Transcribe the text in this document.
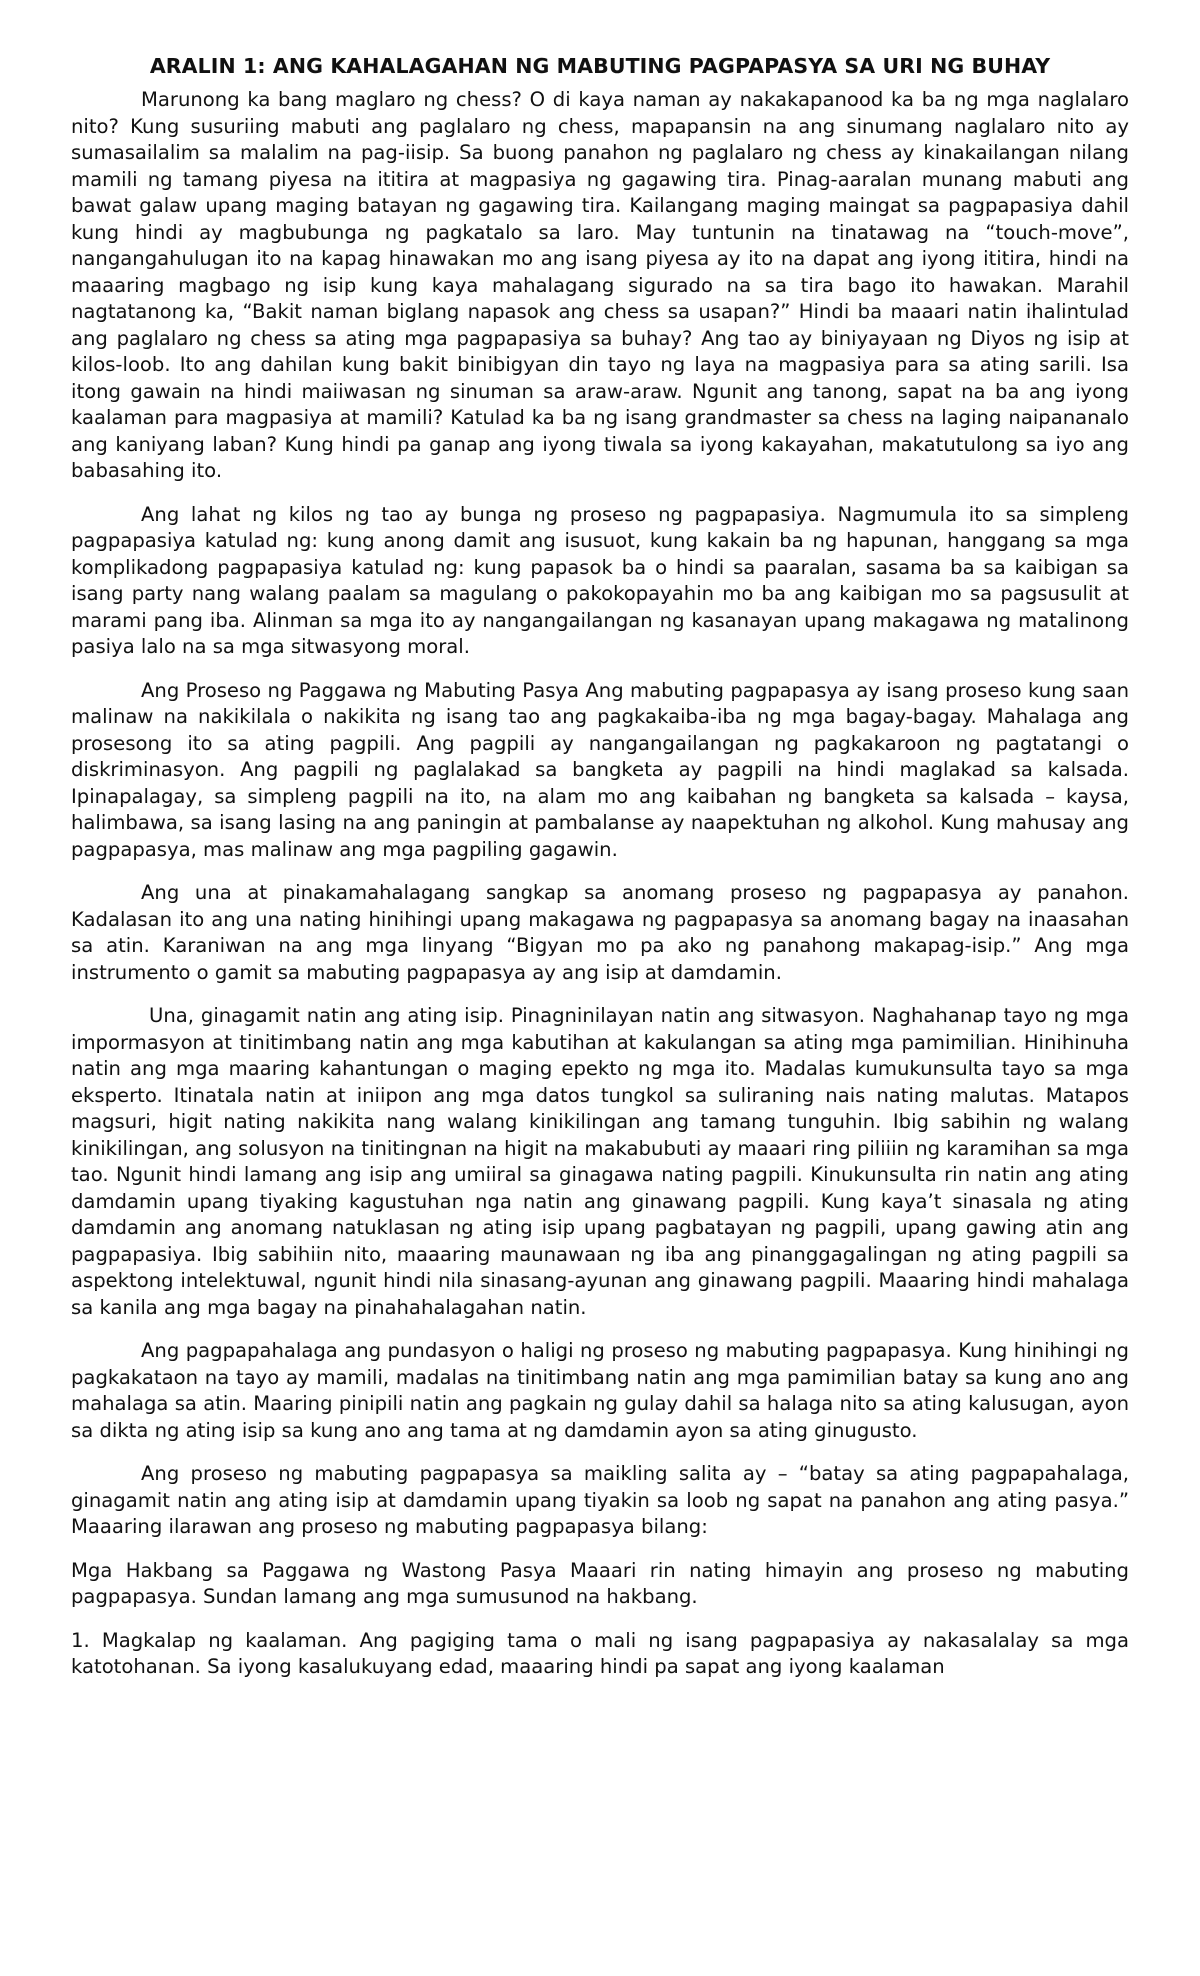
ARALIN 1: ANG KAHALAGAHAN NG MABUTING PAGPAPASYA SA URI NG BUHAY

Marunong ka bang maglaro ng chess? O di kaya naman ay nakakapanood ka ba ng mga naglalaro nito? Kung susuriing mabuti ang paglalaro ng chess, mapapansin na ang sinumang naglalaro nito ay sumasailalim sa malalim na pag-iisip. Sa buong panahon ng paglalaro ng chess ay kinakailangan nilang mamili ng tamang piyesa na ititira at magpasiya ng gagawing tira. Pinag-aaralan munang mabuti ang bawat galaw upang maging batayan ng gagawing tira. Kailangang maging maingat sa pagpapasiya dahil kung hindi ay magbubunga ng pagkatalo sa laro. May tuntunin na tinatawag na “touch-move”, nangangahulugan ito na kapag hinawakan mo ang isang piyesa ay ito na dapat ang iyong ititira, hindi na maaaring magbago ng isip kung kaya mahalagang sigurado na sa tira bago ito hawakan. Marahil nagtatanong ka, “Bakit naman biglang napasok ang chess sa usapan?” Hindi ba maaari natin ihalintulad ang paglalaro ng chess sa ating mga pagpapasiya sa buhay? Ang tao ay biniyayaan ng Diyos ng isip at kilos-loob. Ito ang dahilan kung bakit binibigyan din tayo ng laya na magpasiya para sa ating sarili. Isa itong gawain na hindi maiiwasan ng sinuman sa araw-araw. Ngunit ang tanong, sapat na ba ang iyong kaalaman para magpasiya at mamili? Katulad ka ba ng isang grandmaster sa chess na laging naipananalo ang kaniyang laban? Kung hindi pa ganap ang iyong tiwala sa iyong kakayahan, makatutulong sa iyo ang babasahing ito.

Ang lahat ng kilos ng tao ay bunga ng proseso ng pagpapasiya. Nagmumula ito sa simpleng pagpapasiya katulad ng: kung anong damit ang isusuot, kung kakain ba ng hapunan, hanggang sa mga komplikadong pagpapasiya katulad ng: kung papasok ba o hindi sa paaralan, sasama ba sa kaibigan sa isang party nang walang paalam sa magulang o pakokopayahin mo ba ang kaibigan mo sa pagsusulit at marami pang iba. Alinman sa mga ito ay nangangailangan ng kasanayan upang makagawa ng matalinong pasiya lalo na sa mga sitwasyong moral.

Ang Proseso ng Paggawa ng Mabuting Pasya Ang mabuting pagpapasya ay isang proseso kung saan malinaw na nakikilala o nakikita ng isang tao ang pagkakaiba-iba ng mga bagay-bagay. Mahalaga ang prosesong ito sa ating pagpili. Ang pagpili ay nangangailangan ng pagkakaroon ng pagtatangi o diskriminasyon. Ang pagpili ng paglalakad sa bangketa ay pagpili na hindi maglakad sa kalsada. Ipinapalagay, sa simpleng pagpili na ito, na alam mo ang kaibahan ng bangketa sa kalsada – kaysa, halimbawa, sa isang lasing na ang paningin at pambalanse ay naapektuhan ng alkohol. Kung mahusay ang pagpapasya, mas malinaw ang mga pagpiling gagawin.

Ang una at pinakamahalagang sangkap sa anomang proseso ng pagpapasya ay panahon. Kadalasan ito ang una nating hinihingi upang makagawa ng pagpapasya sa anomang bagay na inaasahan sa atin. Karaniwan na ang mga linyang “Bigyan mo pa ako ng panahong makapag-isip.” Ang mga instrumento o gamit sa mabuting pagpapasya ay ang isip at damdamin.

Una, ginagamit natin ang ating isip. Pinagninilayan natin ang sitwasyon. Naghahanap tayo ng mga impormasyon at tinitimbang natin ang mga kabutihan at kakulangan sa ating mga pamimilian. Hinihinuha natin ang mga maaring kahantungan o maging epekto ng mga ito. Madalas kumukunsulta tayo sa mga eksperto. Itinatala natin at iniipon ang mga datos tungkol sa suliraning nais nating malutas. Matapos magsuri, higit nating nakikita nang walang kinikilingan ang tamang tunguhin. Ibig sabihin ng walang kinikilingan, ang solusyon na tinitingnan na higit na makabubuti ay maaari ring piliiin ng karamihan sa mga tao. Ngunit hindi lamang ang isip ang umiiral sa ginagawa nating pagpili. Kinukunsulta rin natin ang ating damdamin upang tiyaking kagustuhan nga natin ang ginawang pagpili. Kung kaya’t sinasala ng ating damdamin ang anomang natuklasan ng ating isip upang pagbatayan ng pagpili, upang gawing atin ang pagpapasiya. Ibig sabihiin nito, maaaring maunawaan ng iba ang pinanggagalingan ng ating pagpili sa aspektong intelektuwal, ngunit hindi nila sinasang-ayunan ang ginawang pagpili. Maaaring hindi mahalaga sa kanila ang mga bagay na pinahahalagahan natin.

Ang pagpapahalaga ang pundasyon o haligi ng proseso ng mabuting pagpapasya. Kung hinihingi ng pagkakataon na tayo ay mamili, madalas na tinitimbang natin ang mga pamimilian batay sa kung ano ang mahalaga sa atin. Maaring pinipili natin ang pagkain ng gulay dahil sa halaga nito sa ating kalusugan, ayon sa dikta ng ating isip sa kung ano ang tama at ng damdamin ayon sa ating ginugusto.

Ang proseso ng mabuting pagpapasya sa maikling salita ay – “batay sa ating pagpapahalaga, ginagamit natin ang ating isip at damdamin upang tiyakin sa loob ng sapat na panahon ang ating pasya.” Maaaring ilarawan ang proseso ng mabuting pagpapasya bilang:

Mga Hakbang sa Paggawa ng Wastong Pasya Maaari rin nating himayin ang proseso ng mabuting pagpapasya. Sundan lamang ang mga sumusunod na hakbang.

1. Magkalap ng kaalaman. Ang pagiging tama o mali ng isang pagpapasiya ay nakasalalay sa mga katotohanan. Sa iyong kasalukuyang edad, maaaring hindi pa sapat ang iyong kaalaman
